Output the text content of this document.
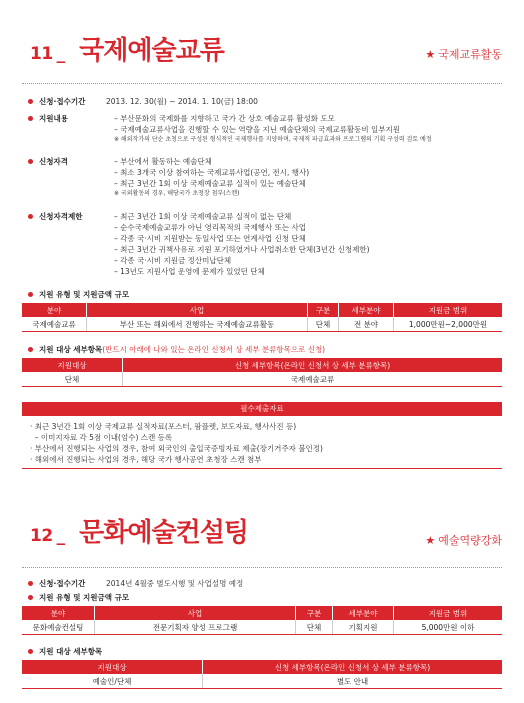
11 _ 국제예술교류	★ 국제교류활동
신청·접수기간	2013. 12. 30(월) ~ 2014. 1. 10(금) 18:00
지원내용	– 부산문화의 국제화를 지향하고 국가 간 상호 예술교류 활성화 도모
– 국제예술교류사업을 진행할 수 있는 역량을 지닌 예술단체의 국제교류활동비 일부지원
※ 해외작가의 단순 초청으로 구성된 형식적인 국제행사를 지양하며, 국제적 파급효과와 프로그램의 기획 구성력 검토 예정
신청자격	– 부산에서 활동하는 예술단체
– 최소 3개국 이상 참여하는 국제교류사업(공연, 전시, 행사)
– 최근 3년간 1회 이상 국제예술교류 실적이 있는 예술단체
※ 국외활동의 경우, 해당국가 초청장 첨부(스캔)
신청자격제한	– 최근 3년간 1회 이상 국제예술교류 실적이 없는 단체
– 순수국제예술교류가 아닌 영리목적의 국제행사 또는 사업
– 각종 국·시비 지원받는 동일사업 또는 연계사업 신청 단체
– 최근 3년간 귀책사유로 지원 포기하였거나 사업취소한 단체(3년간 신청제한)
– 각종 국·시비 지원금 정산미납단체
– 13년도 지원사업 운영에 문제가 있었던 단체
지원 유형 및 지원금액 규모
분야	사업	구분	세부분야	지원금 범위
국제예술교류	부산 또는 해외에서 진행하는 국제예술교류활동	단체	전 분야	1,000만원~2,000만원
지원 대상 세부항목 (반드시 아래에 나와 있는 온라인 신청서 상 세부 분류항목으로 신청)
지원대상	신청 세부항목(온라인 신청서 상 세부 분류항목)
단체	국제예술교류
필수제출자료
· 최근 3년간 1회 이상 국제교류 실적자료(포스터, 팜플렛, 보도자료, 행사사진 등)
– 이미지자료 각 5점 이내(엄수) 스캔 등록
· 부산에서 진행되는 사업의 경우, 참여 외국인의 출입국증빙자료 제출(장기거주자 불인정)
· 해외에서 진행되는 사업의 경우, 해당 국가 행사공연 초청장 스캔 첨부
12 _ 문화예술컨설팅	★ 예술역량강화
신청·접수기간	2014년 4월중 별도시행 및 사업설명 예정
지원 유형 및 지원금액 규모
분야	사업	구분	세부분야	지원금 범위
문화예술컨설팅	전문기획자 양성 프로그램	단체	기획지원	5,000만원 이하
지원 대상 세부항목
지원대상	신청 세부항목(온라인 신청서 상 세부 분류항목)
예술인/단체	별도 안내
